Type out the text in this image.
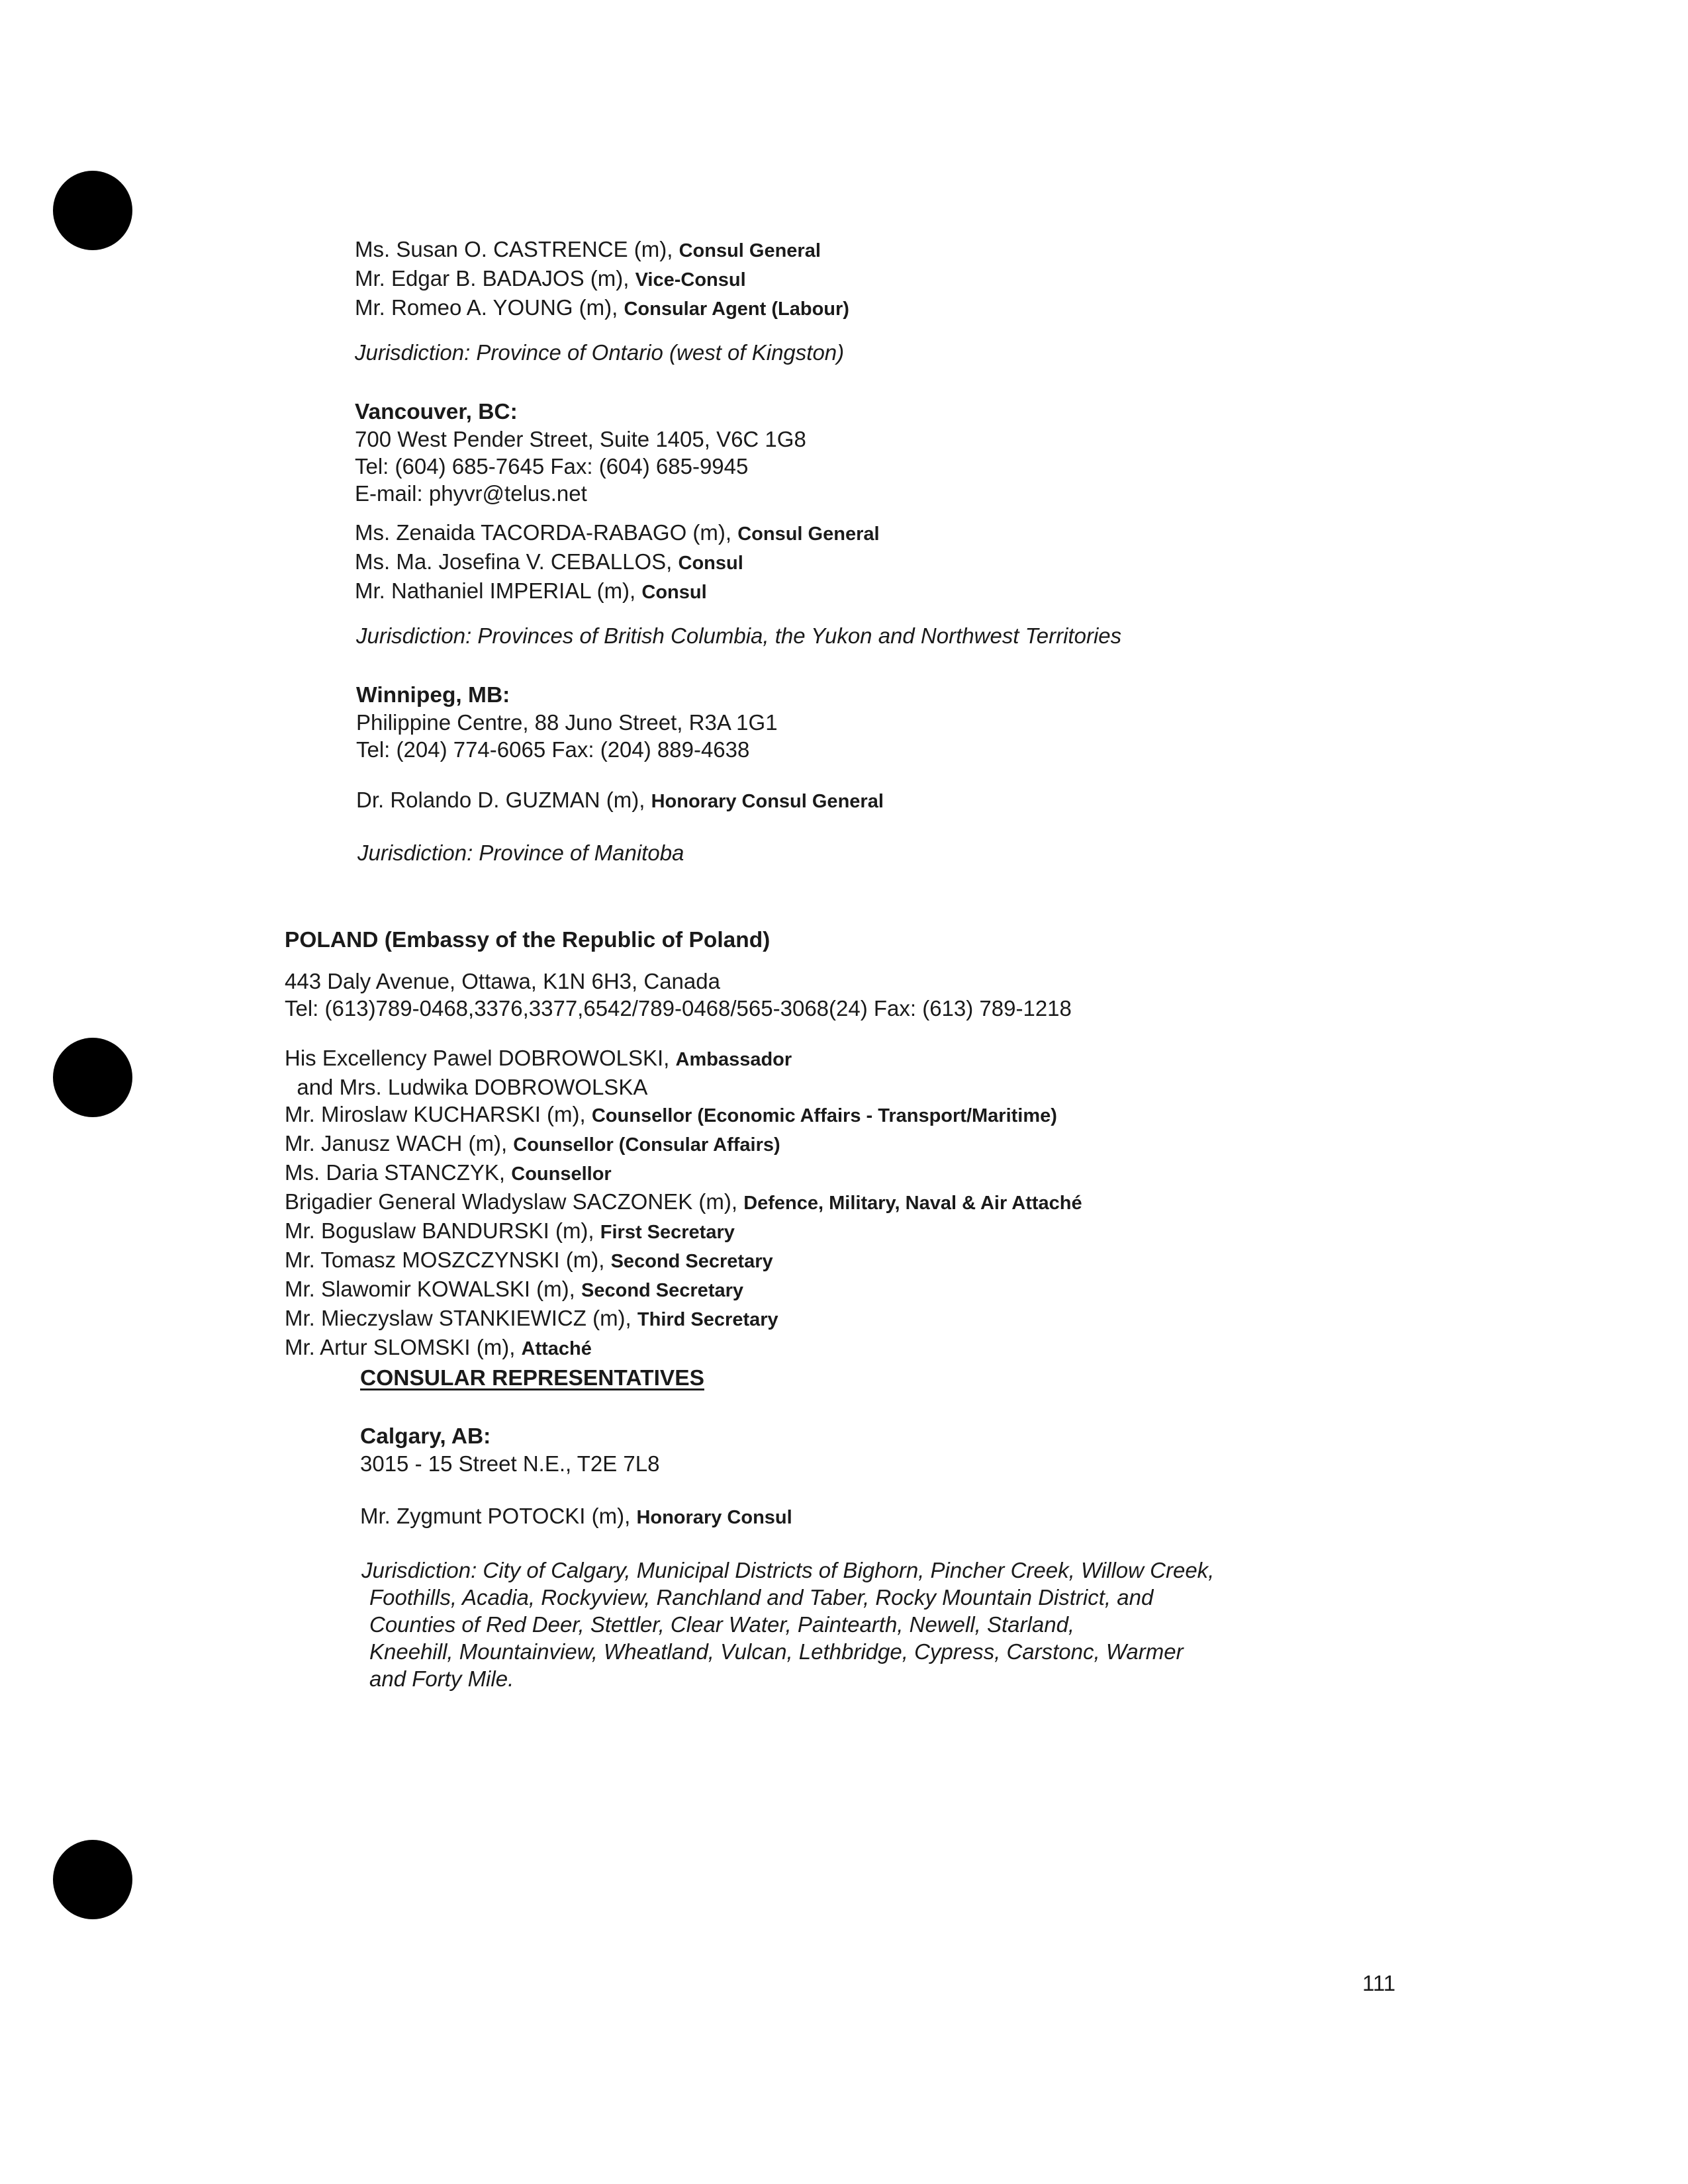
Ms. Susan O. CASTRENCE (m), Consul General
Mr. Edgar B. BADAJOS (m), Vice-Consul
Mr. Romeo A. YOUNG (m), Consular Agent (Labour)
Jurisdiction: Province of Ontario (west of Kingston)
Vancouver, BC:
700 West Pender Street, Suite 1405, V6C 1G8
Tel: (604) 685-7645 Fax: (604) 685-9945
E-mail: phyvr@telus.net
Ms. Zenaida TACORDA-RABAGO (m), Consul General
Ms. Ma. Josefina V. CEBALLOS, Consul
Mr. Nathaniel IMPERIAL (m), Consul
Jurisdiction: Provinces of British Columbia, the Yukon and Northwest Territories
Winnipeg, MB:
Philippine Centre, 88 Juno Street, R3A 1G1
Tel: (204) 774-6065 Fax: (204) 889-4638
Dr. Rolando D. GUZMAN (m), Honorary Consul General
Jurisdiction: Province of Manitoba
POLAND (Embassy of the Republic of Poland)
443 Daly Avenue, Ottawa, K1N 6H3, Canada
Tel: (613)789-0468,3376,3377,6542/789-0468/565-3068(24) Fax: (613) 789-1218
His Excellency Pawel DOBROWOLSKI, Ambassador
and Mrs. Ludwika DOBROWOLSKA
Mr. Miroslaw KUCHARSKI (m), Counsellor (Economic Affairs - Transport/Maritime)
Mr. Janusz WACH (m), Counsellor (Consular Affairs)
Ms. Daria STANCZYK, Counsellor
Brigadier General Wladyslaw SACZONEK (m), Defence, Military, Naval & Air Attaché
Mr. Boguslaw BANDURSKI (m), First Secretary
Mr. Tomasz MOSZCZYNSKI (m), Second Secretary
Mr. Slawomir KOWALSKI (m), Second Secretary
Mr. Mieczyslaw STANKIEWICZ (m), Third Secretary
Mr. Artur SLOMSKI (m), Attaché
CONSULAR REPRESENTATIVES
Calgary, AB:
3015 - 15 Street N.E., T2E 7L8
Mr. Zygmunt POTOCKI (m), Honorary Consul
Jurisdiction: City of Calgary, Municipal Districts of Bighorn, Pincher Creek, Willow Creek,
Foothills, Acadia, Rockyview, Ranchland and Taber, Rocky Mountain District, and
Counties of Red Deer, Stettler, Clear Water, Paintearth, Newell, Starland,
Kneehill, Mountainview, Wheatland, Vulcan, Lethbridge, Cypress, Carstonc, Warmer
and Forty Mile.
111
